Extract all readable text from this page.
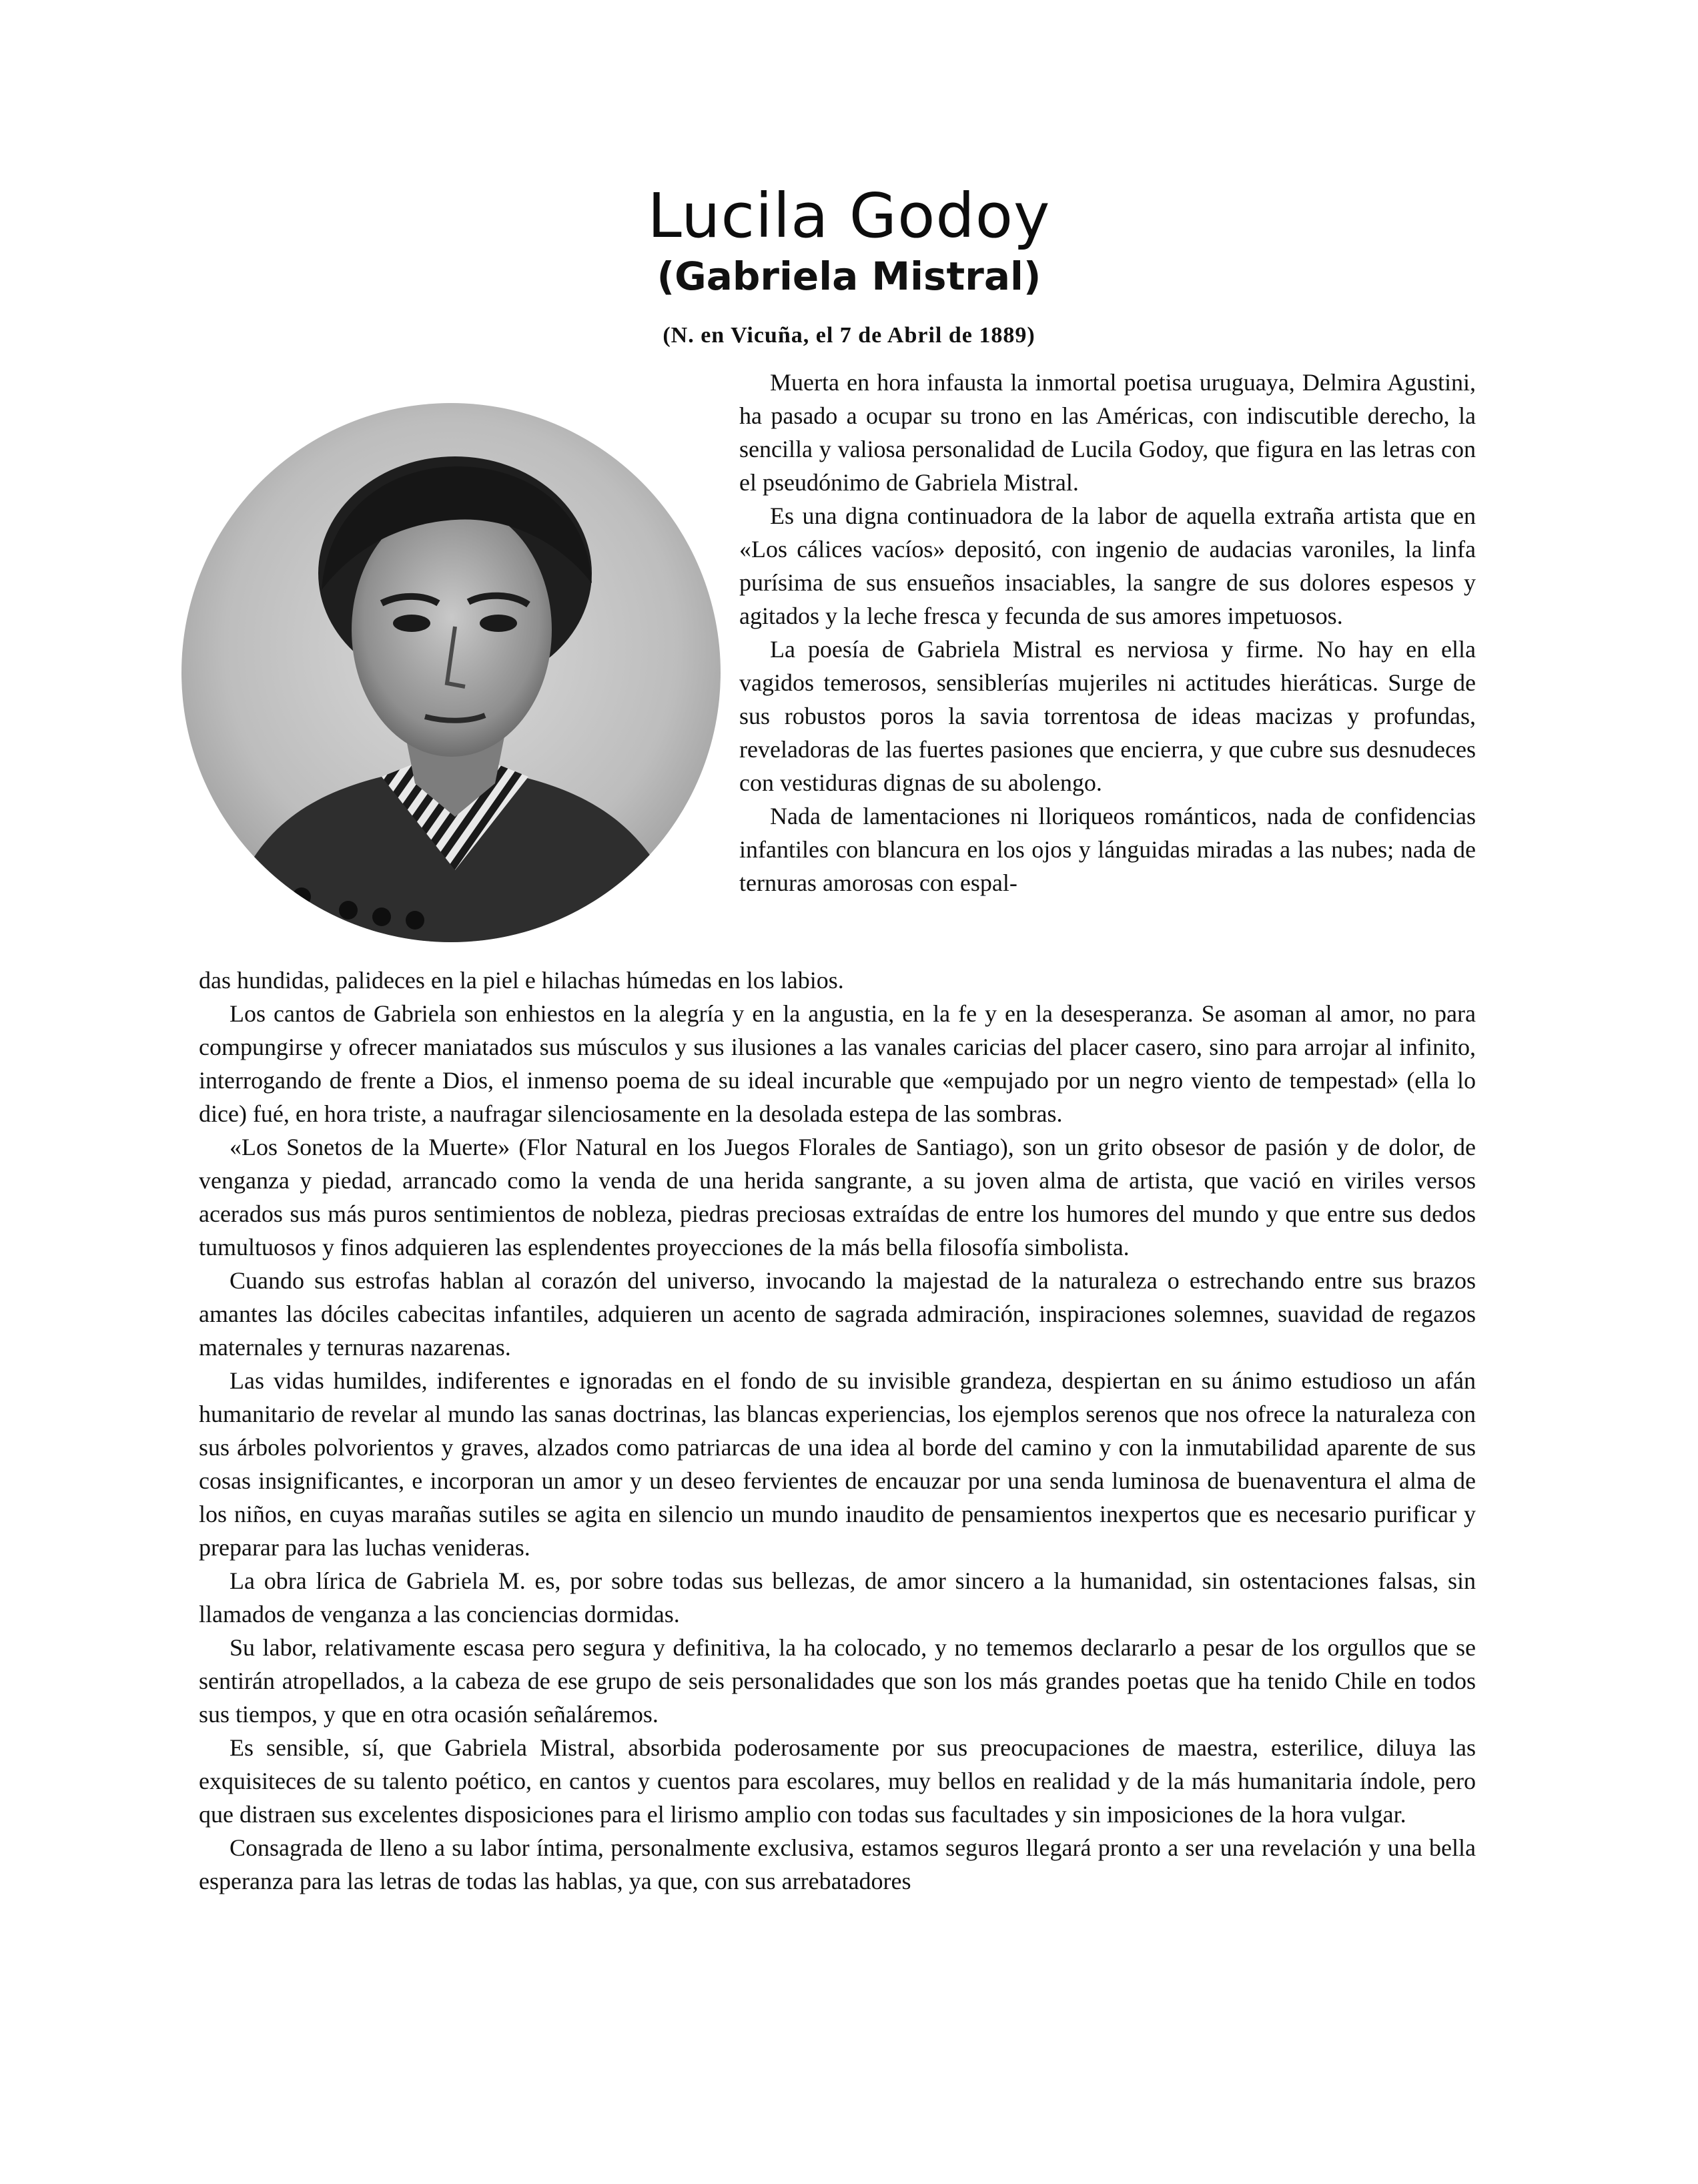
Lucila Godoy
(Gabriela Mistral)

(N. en Vicuña, el 7 de Abril de 1889)

Muerta en hora infausta la inmortal poetisa uruguaya, Delmira Agustini, ha pasado a ocupar su trono en las Américas, con indiscutible derecho, la sencilla y valiosa personalidad de Lucila Godoy, que figura en las letras con el pseudónimo de Gabriela Mistral.

Es una digna continuadora de la labor de aquella extraña artista que en «Los cálices vacíos» depositó, con ingenio de audacias varoniles, la linfa purísima de sus ensueños insaciables, la sangre de sus dolores espesos y agitados y la leche fresca y fecunda de sus amores impetuosos.

La poesía de Gabriela Mistral es nerviosa y firme. No hay en ella vagidos temerosos, sensiblerías mujeriles ni actitudes hieráticas. Surge de sus robustos poros la savia torrentosa de ideas macizas y profundas, reveladoras de las fuertes pasiones que encierra, y que cubre sus desnudeces con vestiduras dignas de su abolengo.

Nada de lamentaciones ni lloriqueos románticos, nada de confidencias infantiles con blancura en los ojos y lánguidas miradas a las nubes; nada de ternuras amorosas con espal-

das hundidas, palideces en la piel e hilachas húmedas en los labios.

Los cantos de Gabriela son enhiestos en la alegría y en la angustia, en la fe y en la desesperanza. Se asoman al amor, no para compungirse y ofrecer maniatados sus músculos y sus ilusiones a las vanales caricias del placer casero, sino para arrojar al infinito, interrogando de frente a Dios, el inmenso poema de su ideal incurable que «empujado por un negro viento de tempestad» (ella lo dice) fué, en hora triste, a naufragar silenciosamente en la desolada estepa de las sombras.

«Los Sonetos de la Muerte» (Flor Natural en los Juegos Florales de Santiago), son un grito obsesor de pasión y de dolor, de venganza y piedad, arrancado como la venda de una herida sangrante, a su joven alma de artista, que vació en viriles versos acerados sus más puros sentimientos de nobleza, piedras preciosas extraídas de entre los humores del mundo y que entre sus dedos tumultuosos y finos adquieren las esplendentes proyecciones de la más bella filosofía simbolista.

Cuando sus estrofas hablan al corazón del universo, invocando la majestad de la naturaleza o estrechando entre sus brazos amantes las dóciles cabecitas infantiles, adquieren un acento de sagrada admiración, inspiraciones solemnes, suavidad de regazos maternales y ternuras nazarenas.

Las vidas humildes, indiferentes e ignoradas en el fondo de su invisible grandeza, despiertan en su ánimo estudioso un afán humanitario de revelar al mundo las sanas doctrinas, las blancas experiencias, los ejemplos serenos que nos ofrece la naturaleza con sus árboles polvorientos y graves, alzados como patriarcas de una idea al borde del camino y con la inmutabilidad aparente de sus cosas insignificantes, e incorporan un amor y un deseo fervientes de encauzar por una senda luminosa de buenaventura el alma de los niños, en cuyas marañas sutiles se agita en silencio un mundo inaudito de pensamientos inexpertos que es necesario purificar y preparar para las luchas venideras.

La obra lírica de Gabriela M. es, por sobre todas sus bellezas, de amor sincero a la humanidad, sin ostentaciones falsas, sin llamados de venganza a las conciencias dormidas.

Su labor, relativamente escasa pero segura y definitiva, la ha colocado, y no tememos declararlo a pesar de los orgullos que se sentirán atropellados, a la cabeza de ese grupo de seis personalidades que son los más grandes poetas que ha tenido Chile en todos sus tiempos, y que en otra ocasión señaláremos.

Es sensible, sí, que Gabriela Mistral, absorbida poderosamente por sus preocupaciones de maestra, esterilice, diluya las exquisiteces de su talento poético, en cantos y cuentos para escolares, muy bellos en realidad y de la más humanitaria índole, pero que distraen sus excelentes disposiciones para el lirismo amplio con todas sus facultades y sin imposiciones de la hora vulgar.

Consagrada de lleno a su labor íntima, personalmente exclusiva, estamos seguros llegará pronto a ser una revelación y una bella esperanza para las letras de todas las hablas, ya que, con sus arrebatadores
